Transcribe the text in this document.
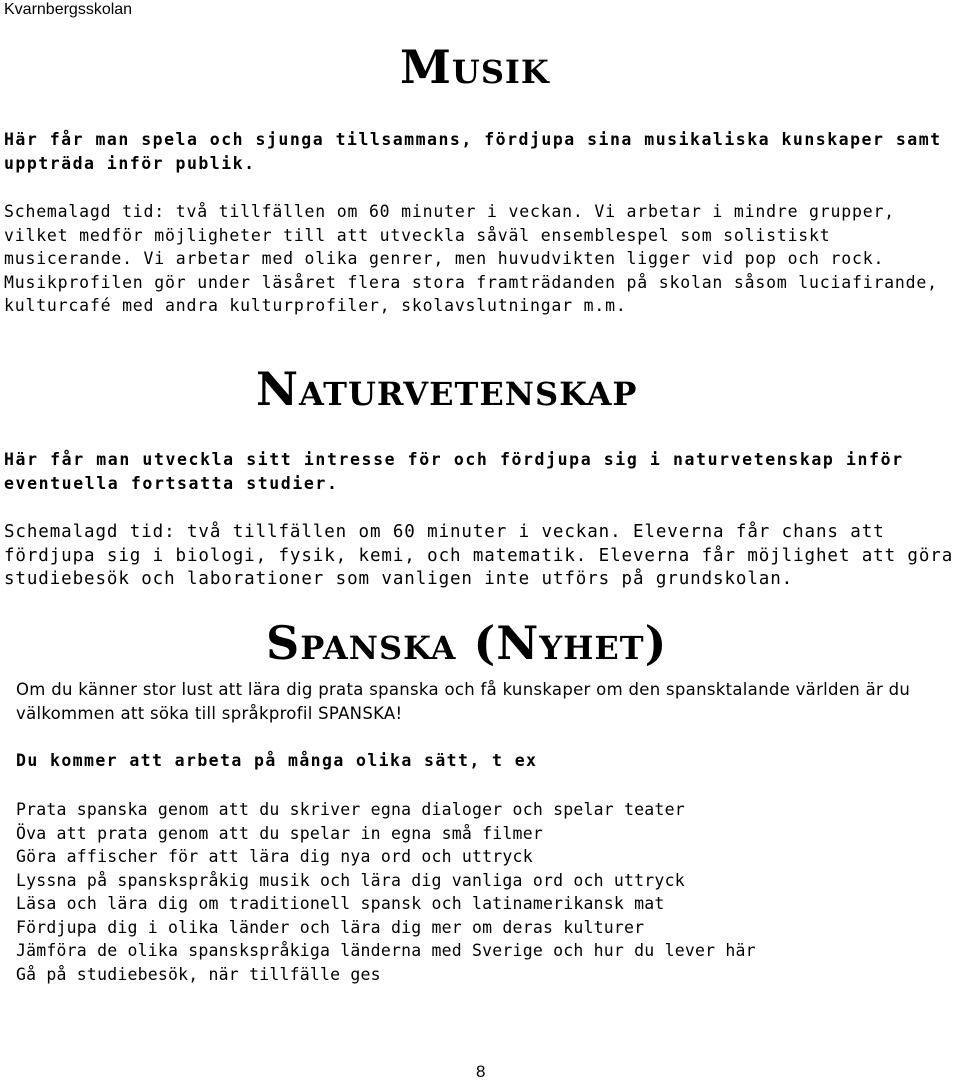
Kvarnbergsskolan
Musik

Här får man spela och sjunga tillsammans, fördjupa sina musikaliska kunskaper samt uppträda inför publik.

Schemalagd tid: två tillfällen om 60 minuter i veckan. Vi arbetar i mindre grupper, vilket medför möjligheter till att utveckla såväl ensemblespel som solistiskt musicerande. Vi arbetar med olika genrer, men huvudvikten ligger vid pop och rock. Musikprofilen gör under läsåret flera stora framträdanden på skolan såsom luciafirande, kulturcafé med andra kulturprofiler, skolavslutningar m.m.

Naturvetenskap

Här får man utveckla sitt intresse för och fördjupa sig i naturvetenskap inför eventuella fortsatta studier.

Schemalagd tid: två tillfällen om 60 minuter i veckan. Eleverna får chans att fördjupa sig i biologi, fysik, kemi, och matematik. Eleverna får möjlighet att göra studiebesök och laborationer som vanligen inte utförs på grundskolan.

Spanska (Nyhet)

Om du känner stor lust att lära dig prata spanska och få kunskaper om den spansktalande världen är du välkommen att söka till språkprofil SPANSKA!

Du kommer att arbeta på många olika sätt, t ex

Prata spanska genom att du skriver egna dialoger och spelar teater
Öva att prata genom att du spelar in egna små filmer
Göra affischer för att lära dig nya ord och uttryck
Lyssna på spanskspråkig musik och lära dig vanliga ord och uttryck
Läsa och lära dig om traditionell spansk och latinamerikansk mat
Fördjupa dig i olika länder och lära dig mer om deras kulturer
Jämföra de olika spanskspråkiga länderna med Sverige och hur du lever här
Gå på studiebesök, när tillfälle ges
8
